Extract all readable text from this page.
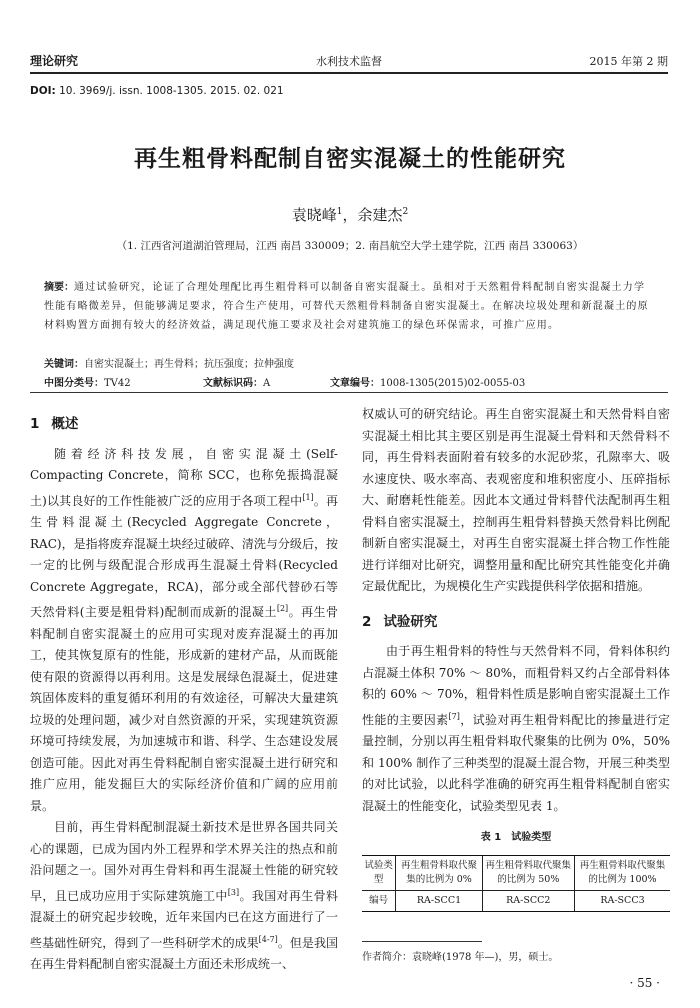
理论研究	水利技术监督	2015 年第 2 期
DOI: 10. 3969/j. issn. 1008-1305. 2015. 02. 021
再生粗骨料配制自密实混凝土的性能研究
袁晓峰$^1$，余建杰$^2$
（1. 江西省河道湖泊管理局，江西 南昌 330009；2. 南昌航空大学土建学院，江西 南昌 330063）
摘要：通过试验研究，论证了合理处理配比再生粗骨料可以制备自密实混凝土。虽相对于天然粗骨料配制自密实混凝土力学性能有略微差异，但能够满足要求，符合生产使用，可替代天然粗骨料制备自密实混凝土。在解决垃圾处理和新混凝土的原材料购置方面拥有较大的经济效益，满足现代施工要求及社会对建筑施工的绿色环保需求，可推广应用。
关键词：自密实混凝土；再生骨料；抗压强度；拉伸强度
中图分类号：TV42	文献标识码：A	文章编号：1008-1305(2015)02-0055-03
1 概述

随着经济科技发展，自密实混凝土(Self-Compacting Concrete，简称 SCC，也称免振捣混凝土)以其良好的工作性能被广泛的应用于各项工程中[1]。再生骨料混凝土(Recycled Aggregate Concrete，RAC)，是指将废弃混凝土块经过破碎、清洗与分级后，按一定的比例与级配混合形成再生混凝土骨料(Recycled Concrete Aggregate，RCA)，部分或全部代替砂石等天然骨料(主要是粗骨料)配制而成新的混凝土[2]。再生骨料配制自密实混凝土的应用可实现对废弃混凝土的再加工，使其恢复原有的性能，形成新的建材产品，从而既能使有限的资源得以再利用。这是发展绿色混凝土，促进建筑固体废料的重复循环利用的有效途径，可解决大量建筑垃圾的处理问题，减少对自然资源的开采，实现建筑资源环境可持续发展，为加速城市和谐、科学、生态建设发展创造可能。因此对再生骨料配制自密实混凝土进行研究和推广应用，能发掘巨大的实际经济价值和广阔的应用前景。

目前，再生骨料配制混凝土新技术是世界各国共同关心的课题，已成为国内外工程界和学术界关注的热点和前沿问题之一。国外对再生骨料和再生混凝土性能的研究较早，且已成功应用于实际建筑施工中[3]。我国对再生骨料混凝土的研究起步较晚，近年来国内已在这方面进行了一些基础性研究，得到了一些科研学术的成果[4-7]。但是我国在再生骨料配制自密实混凝土方面还未形成统一、

权威认可的研究结论。再生自密实混凝土和天然骨料自密实混凝土相比其主要区别是再生混凝土骨料和天然骨料不同，再生骨料表面附着有较多的水泥砂浆，孔隙率大、吸水速度快、吸水率高、表观密度和堆积密度小、压碎指标大、耐磨耗性能差。因此本文通过骨料替代法配制再生粗骨料自密实混凝土，控制再生粗骨料替换天然骨料比例配制新自密实混凝土，对再生自密实混凝土拌合物工作性能进行详细对比研究，调整用量和配比研究其性能变化并确定最优配比，为规模化生产实践提供科学依据和措施。

2 试验研究

由于再生粗骨料的特性与天然骨料不同，骨料体积约占混凝土体积 70% ～ 80%，而粗骨料又约占全部骨料体积的 60% ～ 70%，粗骨料性质是影响自密实混凝土工作性能的主要因素[7]，试验对再生粗骨料配比的掺量进行定量控制，分别以再生粗骨料取代聚集的比例为 0%，50% 和 100% 制作了三种类型的混凝土混合物，开展三种类型的对比试验，以此科学准确的研究再生粗骨料配制自密实混凝土的性能变化，试验类型见表 1。

表 1　试验类型
试验类型	再生粗骨料取代聚集的比例为 0%	再生粗骨料取代聚集的比例为 50%	再生粗骨料取代聚集的比例为 100%
编号	RA-SCC1	RA-SCC2	RA-SCC3
作者简介：袁晓峰(1978 年—)，男，硕士。
· 55 ·
